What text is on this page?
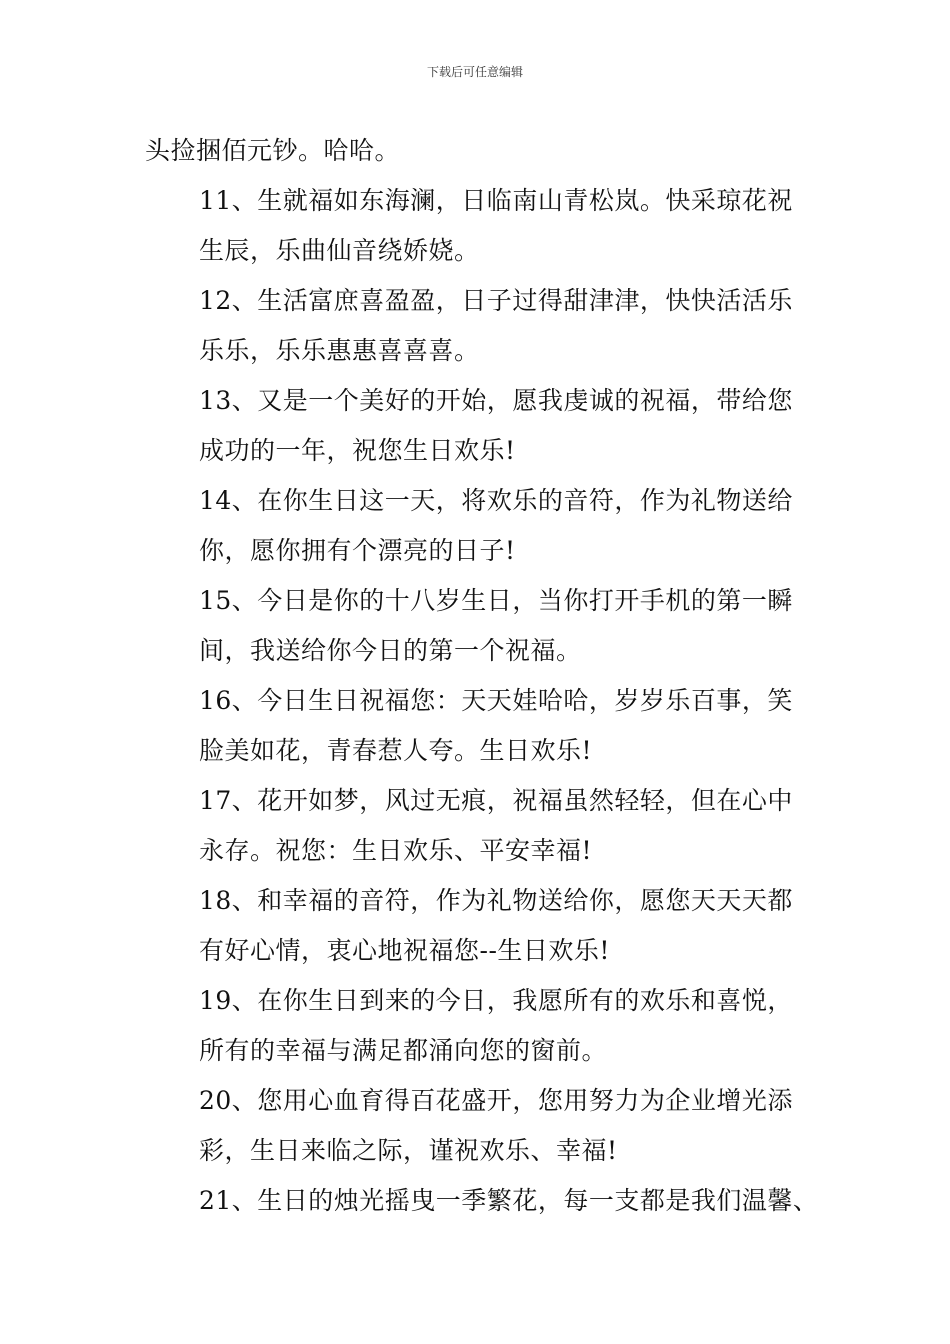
下载后可任意编辑

头捡捆佰元钞。哈哈。

11、生就福如东海澜，日临南山青松岚。快采琼花祝
生辰，乐曲仙音绕娇娆。

12、生活富庶喜盈盈，日子过得甜津津，快快活活乐
乐乐，乐乐惠惠喜喜喜。

13、又是一个美好的开始，愿我虔诚的祝福，带给您
成功的一年，祝您生日欢乐!

14、在你生日这一天，将欢乐的音符，作为礼物送给
你，愿你拥有个漂亮的日子!

15、今日是你的十八岁生日，当你打开手机的第一瞬
间，我送给你今日的第一个祝福。

16、今日生日祝福您：天天娃哈哈，岁岁乐百事，笑
脸美如花，青春惹人夸。生日欢乐!

17、花开如梦，风过无痕，祝福虽然轻轻，但在心中
永存。祝您：生日欢乐、平安幸福!

18、和幸福的音符，作为礼物送给你，愿您天天天都
有好心情，衷心地祝福您--生日欢乐!

19、在你生日到来的今日，我愿所有的欢乐和喜悦，
所有的幸福与满足都涌向您的窗前。

20、您用心血育得百花盛开，您用努力为企业增光添
彩，生日来临之际，谨祝欢乐、幸福!

21、生日的烛光摇曳一季繁花，每一支都是我们温馨、
